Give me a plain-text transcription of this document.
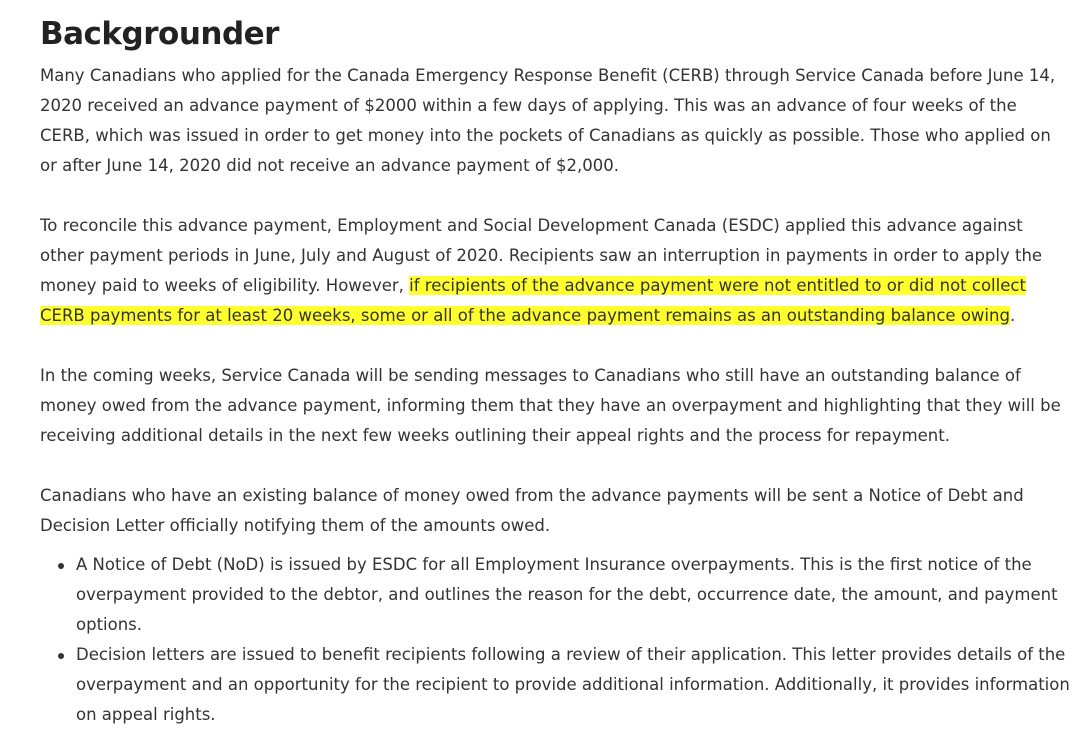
Backgrounder

Many Canadians who applied for the Canada Emergency Response Benefit (CERB) through Service Canada before June 14, 2020 received an advance payment of $2000 within a few days of applying. This was an advance of four weeks of the CERB, which was issued in order to get money into the pockets of Canadians as quickly as possible. Those who applied on or after June 14, 2020 did not receive an advance payment of $2,000.

To reconcile this advance payment, Employment and Social Development Canada (ESDC) applied this advance against other payment periods in June, July and August of 2020. Recipients saw an interruption in payments in order to apply the money paid to weeks of eligibility. However, if recipients of the advance payment were not entitled to or did not collect CERB payments for at least 20 weeks, some or all of the advance payment remains as an outstanding balance owing.

In the coming weeks, Service Canada will be sending messages to Canadians who still have an outstanding balance of money owed from the advance payment, informing them that they have an overpayment and highlighting that they will be receiving additional details in the next few weeks outlining their appeal rights and the process for repayment.

Canadians who have an existing balance of money owed from the advance payments will be sent a Notice of Debt and Decision Letter officially notifying them of the amounts owed.

A Notice of Debt (NoD) is issued by ESDC for all Employment Insurance overpayments. This is the first notice of the overpayment provided to the debtor, and outlines the reason for the debt, occurrence date, the amount, and payment options.
Decision letters are issued to benefit recipients following a review of their application. This letter provides details of the overpayment and an opportunity for the recipient to provide additional information. Additionally, it provides information on appeal rights.
